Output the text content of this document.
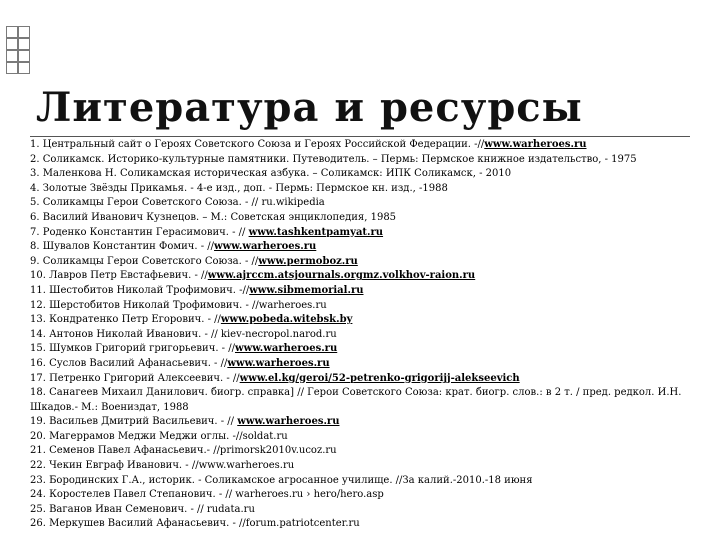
Литература и ресурсы
1. Центральный сайт о Героях Советского Союза и Героях Российской Федерации. -//www.warheroes.ru
2. Соликамск. Историко-культурные памятники. Путеводитель. – Пермь: Пермское книжное издательство, - 1975
3. Маленкова Н. Соликамская историческая азбука. – Соликамск: ИПК Соликамск, - 2010
4. Золотые Звёзды Прикамья. - 4-е изд., доп. - Пермь: Пермское кн. изд., -1988
5. Соликамцы Герои Советского Союза. - // ru.wikipedia
6. Василий Иванович Кузнецов. – М.: Советская энциклопедия, 1985
7. Роденко Константин Герасимович. - // www.tashkentpamyat.ru
8. Шувалов Константин Фомич. - //www.warheroes.ru
9. Соликамцы Герои Советского Союза. - //www.permoboz.ru
10. Лавров Петр Евстафьевич. - //www.ajrccm.atsjournals.orgmz.volkhov-raion.ru
11. Шестобитов Николай Трофимович. -//www.sibmemorial.ru
12. Шерстобитов Николай Трофимович. - //warheroes.ru
13. Кондратенко Петр Егорович. - //www.pobeda.witebsk.by
14. Антонов Николай Иванович. - // kiev-necropol.narod.ru
15. Шумков Григорий григорьевич. - //www.warheroes.ru
16. Суслов Василий Афанасьевич. - //www.warheroes.ru
17. Петренко Григорий Алексеевич. - //www.el.kg/geroi/52-petrenko-grigorijj-alekseevich
18. Санагеев Михаил Данилович. биогр. справка] // Герои Советского Союза: крат. биогр. слов.: в 2 т. / пред. редкол. И.Н. Шкадов.- М.: Воениздат, 1988
19. Васильев Дмитрий Васильевич. - // www.warheroes.ru
20. Магеррамов Меджи Меджи оглы. -//soldat.ru
21. Семенов Павел Афанасьевич.- //primorsk2010v.ucoz.ru
22. Чекин Евграф Иванович. - //www.warheroes.ru
23. Бородинских Г.А., историк. - Соликамское агросанное училище. //За калий.-2010.-18 июня
24. Коростелев Павел Степанович. - // warheroes.ru › hero/hero.asp
25. Ваганов Иван Семенович. - // rudata.ru
26. Меркушев Василий Афанасьевич. - //forum.patriotcenter.ru
